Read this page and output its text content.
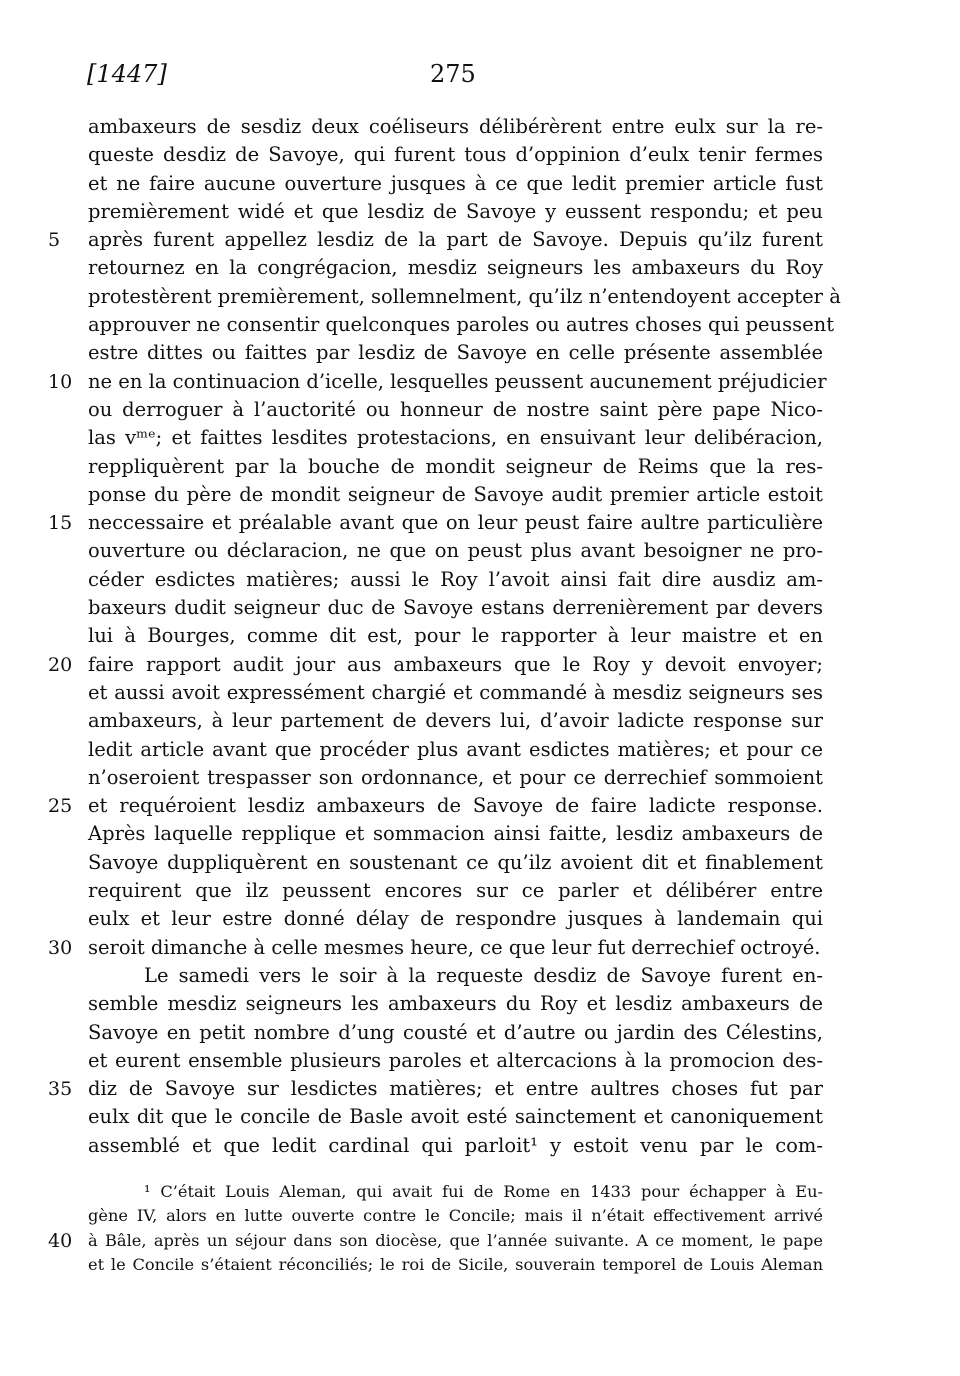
[1447]	275
ambaxeurs de sesdiz deux coéliseurs délibérèrent entre eulx sur la re-
queste desdiz de Savoye, qui furent tous d’oppinion d’eulx tenir fermes
et ne faire aucune ouverture jusques à ce que ledit premier article fust
premièrement widé et que lesdiz de Savoye y eussent respondu; et peu
5	après furent appellez lesdiz de la part de Savoye. Depuis qu’ilz furent
retournez en la congrégacion, mesdiz seigneurs les ambaxeurs du Roy
protestèrent premièrement, sollemnelment, qu’ilz n’entendoyent accepter à
approuver ne consentir quelconques paroles ou autres choses qui peussent
estre dittes ou faittes par lesdiz de Savoye en celle présente assemblée
10 ne en la continuacion d’icelle, lesquelles peussent aucunement préjudicier
ou derroguer à l’auctorité ou honneur de nostre saint père pape Nico-
las vᵐᵉ; et faittes lesdites protestacions, en ensuivant leur delibéracion,
reppliquèrent par la bouche de mondit seigneur de Reims que la res-
ponse du père de mondit seigneur de Savoye audit premier article estoit
15 neccessaire et préalable avant que on leur peust faire aultre particulière
ouverture ou déclaracion, ne que on peust plus avant besoigner ne pro-
céder esdictes matières; aussi le Roy l’avoit ainsi fait dire ausdiz am-
baxeurs dudit seigneur duc de Savoye estans derrenièrement par devers
lui à Bourges, comme dit est, pour le rapporter à leur maistre et en
20 faire rapport audit jour aus ambaxeurs que le Roy y devoit envoyer;
et aussi avoit expressément chargié et commandé à mesdiz seigneurs ses
ambaxeurs, à leur partement de devers lui, d’avoir ladicte response sur
ledit article avant que procéder plus avant esdictes matières; et pour ce
n’oseroient trespasser son ordonnance, et pour ce derrechief sommoient
25 et requéroient lesdiz ambaxeurs de Savoye de faire ladicte response.
Après laquelle repplique et sommacion ainsi faitte, lesdiz ambaxeurs de
Savoye duppliquèrent en soustenant ce qu’ilz avoient dit et finablement
requirent que ilz peussent encores sur ce parler et délibérer entre
eulx et leur estre donné délay de respondre jusques à landemain qui
30 seroit dimanche à celle mesmes heure, ce que leur fut derrechief octroyé.
Le samedi vers le soir à la requeste desdiz de Savoye furent en-
semble mesdiz seigneurs les ambaxeurs du Roy et lesdiz ambaxeurs de
Savoye en petit nombre d’ung cousté et d’autre ou jardin des Célestins,
et eurent ensemble plusieurs paroles et altercacions à la promocion des-
35 diz de Savoye sur lesdictes matières; et entre aultres choses fut par
eulx dit que le concile de Basle avoit esté sainctement et canoniquement
assemblé et que ledit cardinal qui parloit¹ y estoit venu par le com-
¹ C’était Louis Aleman, qui avait fui de Rome en 1433 pour échapper à Eu-
gène IV, alors en lutte ouverte contre le Concile; mais il n’était effectivement arrivé
40 à Bâle, après un séjour dans son diocèse, que l’année suivante. A ce moment, le pape
et le Concile s’étaient réconciliés; le roi de Sicile, souverain temporel de Louis Aleman
